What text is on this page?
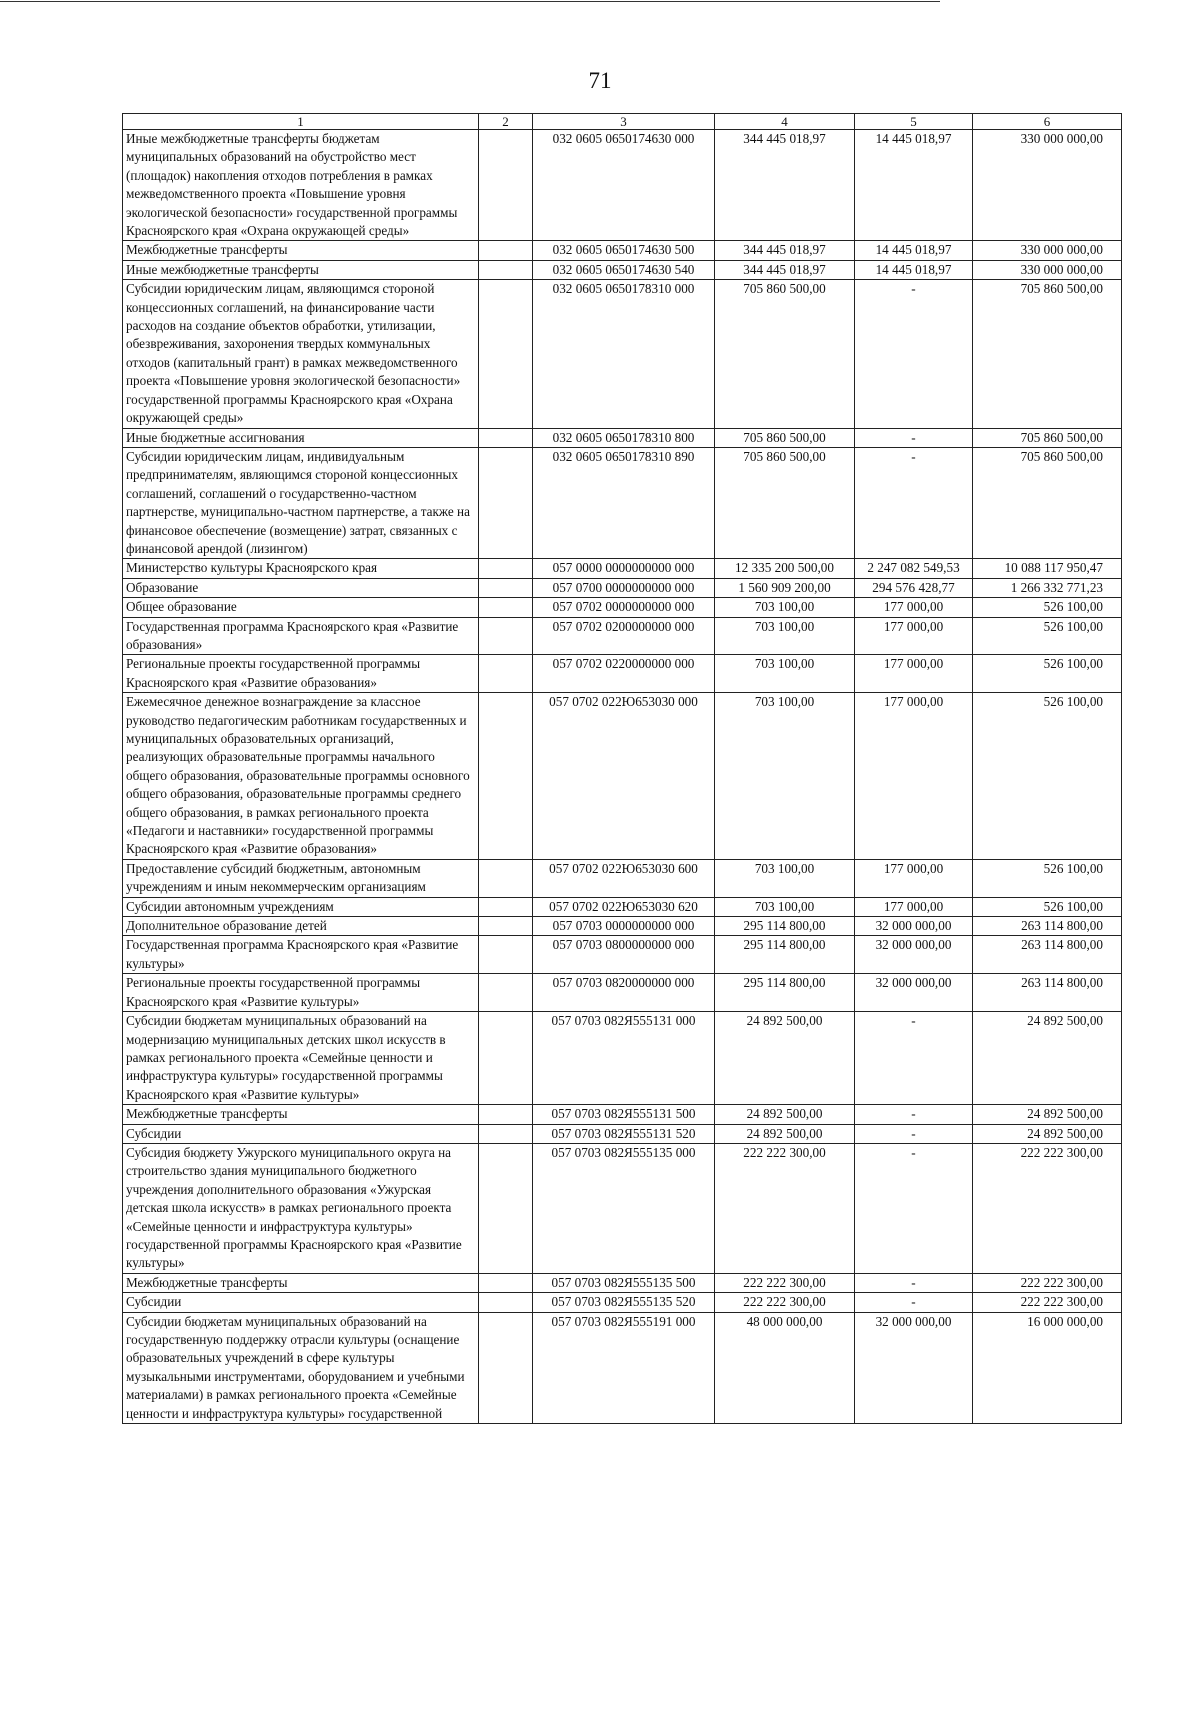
71
1	2	3	4	5	6
Иные межбюджетные трансферты бюджетам муниципальных образований на обустройство мест (площадок) накопления отходов потребления в рамках межведомственного проекта «Повышение уровня экологической безопасности» государственной программы Красноярского края «Охрана окружающей среды»		032 0605 0650174630 000	344 445 018,97	14 445 018,97	330 000 000,00
Межбюджетные трансферты		032 0605 0650174630 500	344 445 018,97	14 445 018,97	330 000 000,00
Иные межбюджетные трансферты		032 0605 0650174630 540	344 445 018,97	14 445 018,97	330 000 000,00
Субсидии юридическим лицам, являющимся стороной концессионных соглашений, на финансирование части расходов на создание объектов обработки, утилизации, обезвреживания, захоронения твердых коммунальных отходов (капитальный грант) в рамках межведомственного проекта «Повышение уровня экологической безопасности» государственной программы Красноярского края «Охрана окружающей среды»		032 0605 0650178310 000	705 860 500,00	-	705 860 500,00
Иные бюджетные ассигнования		032 0605 0650178310 800	705 860 500,00	-	705 860 500,00
Субсидии юридическим лицам, индивидуальным предпринимателям, являющимся стороной концессионных соглашений, соглашений о государственно-частном партнерстве, муниципально-частном партнерстве, а также на финансовое обеспечение (возмещение) затрат, связанных с финансовой арендой (лизингом)		032 0605 0650178310 890	705 860 500,00	-	705 860 500,00
Министерство культуры Красноярского края		057 0000 0000000000 000	12 335 200 500,00	2 247 082 549,53	10 088 117 950,47
Образование		057 0700 0000000000 000	1 560 909 200,00	294 576 428,77	1 266 332 771,23
Общее образование		057 0702 0000000000 000	703 100,00	177 000,00	526 100,00
Государственная программа Красноярского края «Развитие образования»		057 0702 0200000000 000	703 100,00	177 000,00	526 100,00
Региональные проекты государственной программы Красноярского края «Развитие образования»		057 0702 0220000000 000	703 100,00	177 000,00	526 100,00
Ежемесячное денежное вознаграждение за классное руководство педагогическим работникам государственных и муниципальных образовательных организаций, реализующих образовательные программы начального общего образования, образовательные программы основного общего образования, образовательные программы среднего общего образования, в рамках регионального проекта «Педагоги и наставники» государственной программы Красноярского края «Развитие образования»		057 0702 022Ю653030 000	703 100,00	177 000,00	526 100,00
Предоставление субсидий бюджетным, автономным учреждениям и иным некоммерческим организациям		057 0702 022Ю653030 600	703 100,00	177 000,00	526 100,00
Субсидии автономным учреждениям		057 0702 022Ю653030 620	703 100,00	177 000,00	526 100,00
Дополнительное образование детей		057 0703 0000000000 000	295 114 800,00	32 000 000,00	263 114 800,00
Государственная программа Красноярского края «Развитие культуры»		057 0703 0800000000 000	295 114 800,00	32 000 000,00	263 114 800,00
Региональные проекты государственной программы Красноярского края «Развитие культуры»		057 0703 0820000000 000	295 114 800,00	32 000 000,00	263 114 800,00
Субсидии бюджетам муниципальных образований на модернизацию муниципальных детских школ искусств в рамках регионального проекта «Семейные ценности и инфраструктура культуры» государственной программы Красноярского края «Развитие культуры»		057 0703 082Я555131 000	24 892 500,00	-	24 892 500,00
Межбюджетные трансферты		057 0703 082Я555131 500	24 892 500,00	-	24 892 500,00
Субсидии		057 0703 082Я555131 520	24 892 500,00	-	24 892 500,00
Субсидия бюджету Ужурского муниципального округа на строительство здания муниципального бюджетного учреждения дополнительного образования «Ужурская детская школа искусств» в рамках регионального проекта «Семейные ценности и инфраструктура культуры» государственной программы Красноярского края «Развитие культуры»		057 0703 082Я555135 000	222 222 300,00	-	222 222 300,00
Межбюджетные трансферты		057 0703 082Я555135 500	222 222 300,00	-	222 222 300,00
Субсидии		057 0703 082Я555135 520	222 222 300,00	-	222 222 300,00
Субсидии бюджетам муниципальных образований на государственную поддержку отрасли культуры (оснащение образовательных учреждений в сфере культуры музыкальными инструментами, оборудованием и учебными материалами) в рамках регионального проекта «Семейные ценности и инфраструктура культуры» государственной		057 0703 082Я555191 000	48 000 000,00	32 000 000,00	16 000 000,00
